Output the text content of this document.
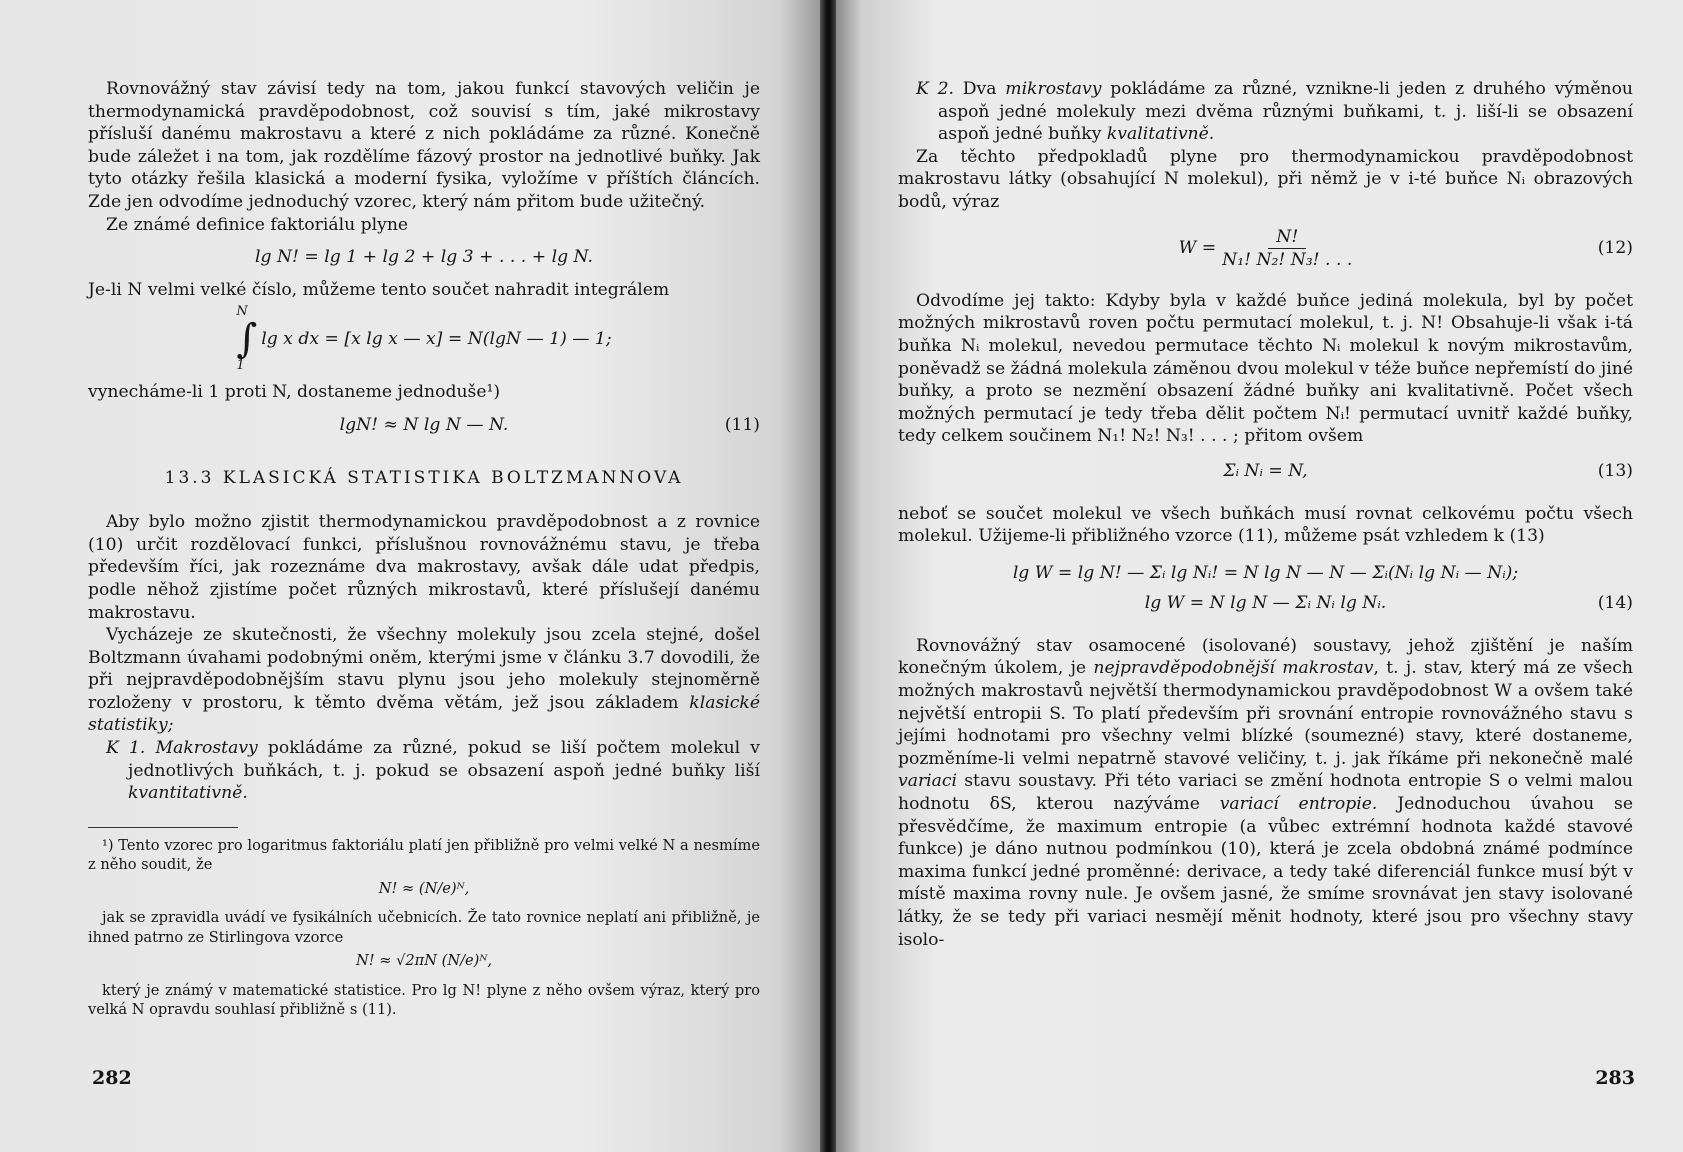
Rovnovážný stav závisí tedy na tom, jakou funkcí stavových veličin je thermodynamická pravděpodobnost, což souvisí s tím, jaké mikrostavy přísluší danému makrostavu a které z nich pokládáme za různé. Konečně bude záležet i na tom, jak rozdělíme fázový prostor na jednotlivé buňky. Jak tyto otázky řešila klasická a moderní fysika, vyložíme v příštích článcích. Zde jen odvodíme jednoduchý vzorec, který nám přitom bude užitečný.

Ze známé definice faktoriálu plyne

lg N! = lg 1 + lg 2 + lg 3 + . . . + lg N.

Je-li N velmi velké číslo, můžeme tento součet nahradit integrálem

N
∫
1
lg x dx = [x lg x — x]
= N(lgN — 1) — 1;

vynecháme-li 1 proti N, dostaneme jednoduše¹)

lgN! ≈ N lg N — N.	(11)
13.3 KLASICKÁ STATISTIKA BOLTZMANNOVA

Aby bylo možno zjistit thermodynamickou pravděpodobnost a z rovnice (10) určit rozdělovací funkci, příslušnou rovnovážnému stavu, je třeba především říci, jak rozeznáme dva makrostavy, avšak dále udat předpis, podle něhož zjistíme počet různých mikrostavů, které příslušejí danému makrostavu.

Vycházeje ze skutečnosti, že všechny molekuly jsou zcela stejné, došel Boltzmann úvahami podobnými oněm, kterými jsme v článku 3.7 dovodili, že při nejpravděpodobnějším stavu plynu jsou jeho molekuly stejnoměrně rozloženy v prostoru, k těmto dvěma větám, jež jsou základem klasické statistiky;

K 1. Makrostavy pokládáme za různé, pokud se liší počtem molekul v jednotlivých buňkách, t. j. pokud se obsazení aspoň jedné buňky liší kvantitativně.

¹) Tento vzorec pro logaritmus faktoriálu platí jen přibližně pro velmi velké N a nesmíme z něho soudit, že

N! ≈ (N/e)ᴺ,

jak se zpravidla uvádí ve fysikálních učebnicích. Že tato rovnice neplatí ani přibližně, je ihned patrno ze Stirlingova vzorce

N! ≈ √2πN (N/e)ᴺ,

který je známý v matematické statistice. Pro lg N! plyne z něho ovšem výraz, který pro velká N opravdu souhlasí přibližně s (11).

282

K 2. Dva mikrostavy pokládáme za různé, vznikne-li jeden z druhého výměnou aspoň jedné molekuly mezi dvěma různými buňkami, t. j. liší-li se obsazení aspoň jedné buňky kvalitativně.

Za těchto předpokladů plyne pro thermodynamickou pravděpodobnost makrostavu látky (obsahující N molekul), při němž je v i-té buňce Nᵢ obrazových bodů, výraz

$W = \frac{N!}{\text{N₁! N₂! N₃! . . .}}$	(12)

Odvodíme jej takto: Kdyby byla v každé buňce jediná molekula, byl by počet možných mikrostavů roven počtu permutací molekul, t. j. N! Obsahuje-li však i-tá buňka Nᵢ molekul, nevedou permutace těchto Nᵢ molekul k novým mikrostavům, poněvadž se žádná molekula záměnou dvou molekul v téže buňce nepřemístí do jiné buňky, a proto se nezmění obsazení žádné buňky ani kvalitativně. Počet všech možných permutací je tedy třeba dělit počtem Nᵢ! permutací uvnitř každé buňky, tedy celkem součinem N₁! N₂! N₃! . . . ; přitom ovšem

Σᵢ Nᵢ = N,	(13)

neboť se součet molekul ve všech buňkách musí rovnat celkovému počtu všech molekul. Užijeme-li přibližného vzorce (11), můžeme psát vzhledem k (13)

lg W = lg N! — Σᵢ lg Nᵢ! = N lg N — N — Σᵢ(Nᵢ lg Nᵢ — Nᵢ);
lg W = N lg N — Σᵢ Nᵢ lg Nᵢ.	(14)

Rovnovážný stav osamocené (isolované) soustavy, jehož zjištění je naším konečným úkolem, je nejpravděpodobnější makrostav, t. j. stav, který má ze všech možných makrostavů největší thermodynamickou pravděpodobnost W a ovšem také největší entropii S. To platí především při srovnání entropie rovnovážného stavu s jejími hodnotami pro všechny velmi blízké (soumezné) stavy, které dostaneme, pozměníme-li velmi nepatrně stavové veličiny, t. j. jak říkáme při nekonečně malé variaci stavu soustavy. Při této variaci se změní hodnota entropie S o velmi malou hodnotu δS, kterou nazýváme variací entropie. Jednoduchou úvahou se přesvědčíme, že maximum entropie (a vůbec extrémní hodnota každé stavové funkce) je dáno nutnou podmínkou (10), která je zcela obdobná známé podmínce maxima funkcí jedné proměnné: derivace, a tedy také diferenciál funkce musí být v místě maxima rovny nule. Je ovšem jasné, že smíme srovnávat jen stavy isolované látky, že se tedy při variaci nesmějí měnit hodnoty, které jsou pro všechny stavy isolo-

283
